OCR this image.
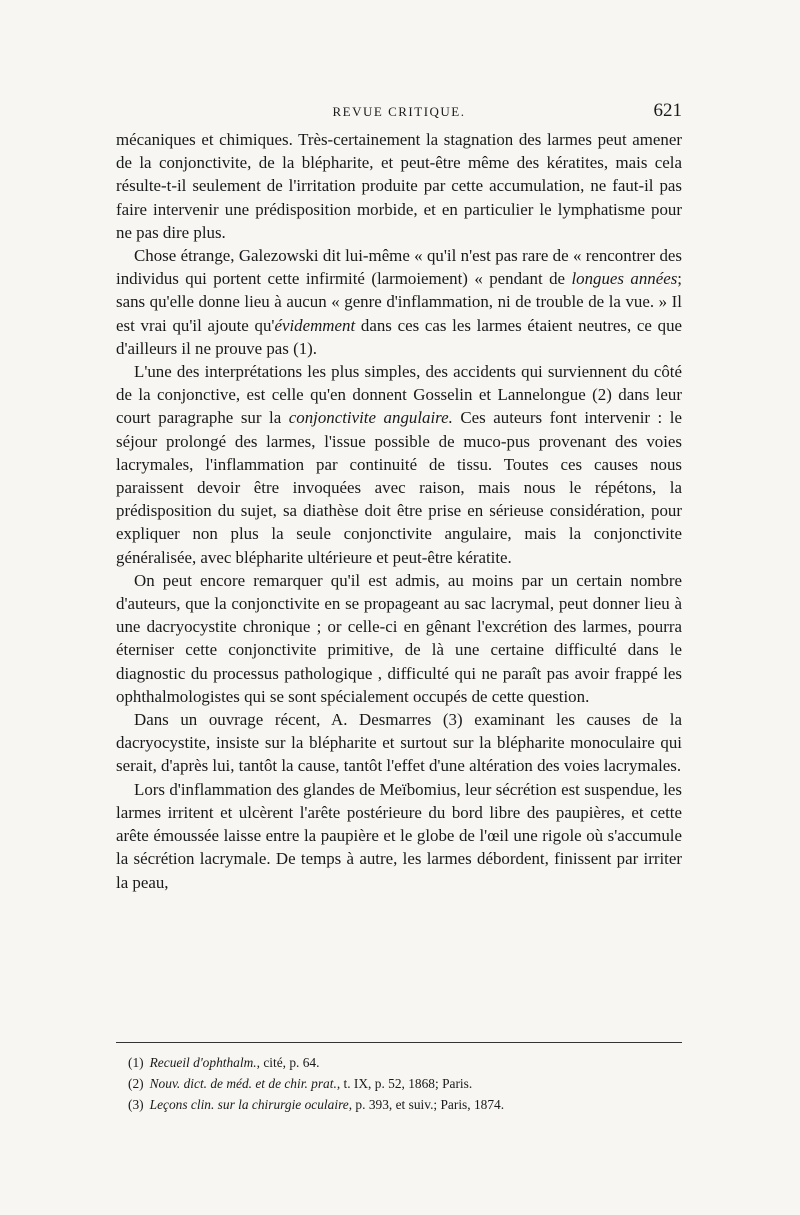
REVUE CRITIQUE.	621

mécaniques et chimiques. Très-certainement la stagnation des larmes peut amener de la conjonctivite, de la blépharite, et peut-être même des kératites, mais cela résulte-t-il seulement de l'irritation produite par cette accumulation, ne faut-il pas faire intervenir une prédisposition morbide, et en particulier le lymphatisme pour ne pas dire plus.

Chose étrange, Galezowski dit lui-même « qu'il n'est pas rare de « rencontrer des individus qui portent cette infirmité (larmoiement) « pendant de longues années; sans qu'elle donne lieu à aucun « genre d'inflammation, ni de trouble de la vue. » Il est vrai qu'il ajoute qu'évidemment dans ces cas les larmes étaient neutres, ce que d'ailleurs il ne prouve pas (1).

L'une des interprétations les plus simples, des accidents qui surviennent du côté de la conjonctive, est celle qu'en donnent Gosselin et Lannelongue (2) dans leur court paragraphe sur la conjonctivite angulaire. Ces auteurs font intervenir : le séjour prolongé des larmes, l'issue possible de muco-pus provenant des voies lacrymales, l'inflammation par continuité de tissu. Toutes ces causes nous paraissent devoir être invoquées avec raison, mais nous le répétons, la prédisposition du sujet, sa diathèse doit être prise en sérieuse considération, pour expliquer non plus la seule conjonctivite angulaire, mais la conjonctivite généralisée, avec blépharite ultérieure et peut-être kératite.

On peut encore remarquer qu'il est admis, au moins par un certain nombre d'auteurs, que la conjonctivite en se propageant au sac lacrymal, peut donner lieu à une dacryocystite chronique ; or celle-ci en gênant l'excrétion des larmes, pourra éterniser cette conjonctivite primitive, de là une certaine difficulté dans le diagnostic du processus pathologique , difficulté qui ne paraît pas avoir frappé les ophthalmologistes qui se sont spécialement occupés de cette question.

Dans un ouvrage récent, A. Desmarres (3) examinant les causes de la dacryocystite, insiste sur la blépharite et surtout sur la blépharite monoculaire qui serait, d'après lui, tantôt la cause, tantôt l'effet d'une altération des voies lacrymales.

Lors d'inflammation des glandes de Meïbomius, leur sécrétion est suspendue, les larmes irritent et ulcèrent l'arête postérieure du bord libre des paupières, et cette arête émoussée laisse entre la paupière et le globe de l'œil une rigole où s'accumule la sécrétion lacrymale. De temps à autre, les larmes débordent, finissent par irriter la peau,

(1) Recueil d'ophthalm., cité, p. 64.
(2) Nouv. dict. de méd. et de chir. prat., t. IX, p. 52, 1868; Paris.
(3) Leçons clin. sur la chirurgie oculaire, p. 393, et suiv.; Paris, 1874.
